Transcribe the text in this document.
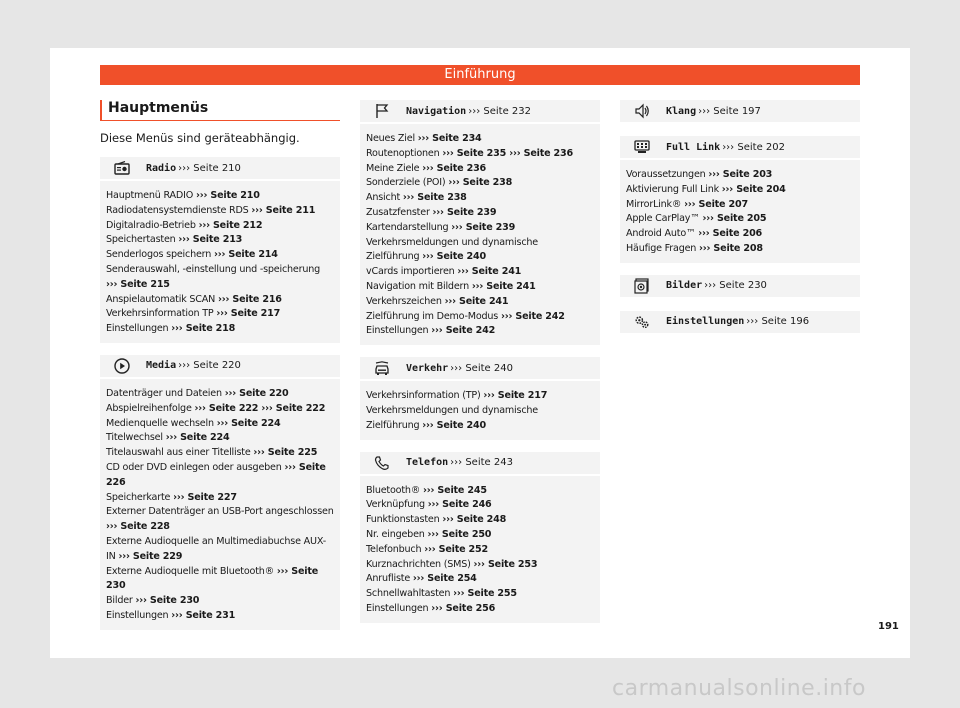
Einführung
Hauptmenüs
Diese Menüs sind geräteabhängig.
Radio ››› Seite 210
Hauptmenü RADIO ››› Seite 210
Radiodatensystemdienste RDS ››› Seite 211
Digitalradio-Betrieb ››› Seite 212
Speichertasten ››› Seite 213
Senderlogos speichern ››› Seite 214
Senderauswahl, -einstellung und -speicherung ››› Seite 215
Anspielautomatik SCAN ››› Seite 216
Verkehrsinformation TP ››› Seite 217
Einstellungen ››› Seite 218
Media ››› Seite 220
Datenträger und Dateien ››› Seite 220
Abspielreihenfolge ››› Seite 222 ››› Seite 222
Medienquelle wechseln ››› Seite 224
Titelwechsel ››› Seite 224
Titelauswahl aus einer Titelliste ››› Seite 225
CD oder DVD einlegen oder ausgeben ››› Seite 226
Speicherkarte ››› Seite 227
Externer Datenträger an USB-Port angeschlossen ››› Seite 228
Externe Audioquelle an Multimediabuchse AUX-IN ››› Seite 229
Externe Audioquelle mit Bluetooth® ››› Seite 230
Bilder ››› Seite 230
Einstellungen ››› Seite 231
Navigation ››› Seite 232
Neues Ziel ››› Seite 234
Routenoptionen ››› Seite 235 ››› Seite 236
Meine Ziele ››› Seite 236
Sonderziele (POI) ››› Seite 238
Ansicht ››› Seite 238
Zusatzfenster ››› Seite 239
Kartendarstellung ››› Seite 239
Verkehrsmeldungen und dynamische Zielführung ››› Seite 240
vCards importieren ››› Seite 241
Navigation mit Bildern ››› Seite 241
Verkehrszeichen ››› Seite 241
Zielführung im Demo-Modus ››› Seite 242
Einstellungen ››› Seite 242
Verkehr ››› Seite 240
Verkehrsinformation (TP) ››› Seite 217
Verkehrsmeldungen und dynamische Zielführung ››› Seite 240
Telefon ››› Seite 243
Bluetooth® ››› Seite 245
Verknüpfung ››› Seite 246
Funktionstasten ››› Seite 248
Nr. eingeben ››› Seite 250
Telefonbuch ››› Seite 252
Kurznachrichten (SMS) ››› Seite 253
Anrufliste ››› Seite 254
Schnellwahltasten ››› Seite 255
Einstellungen ››› Seite 256
Klang ››› Seite 197
Full Link ››› Seite 202
Voraussetzungen ››› Seite 203
Aktivierung Full Link ››› Seite 204
MirrorLink® ››› Seite 207
Apple CarPlay™ ››› Seite 205
Android Auto™ ››› Seite 206
Häufige Fragen ››› Seite 208
Bilder ››› Seite 230
Einstellungen ››› Seite 196
191
carmanualsonline.info
